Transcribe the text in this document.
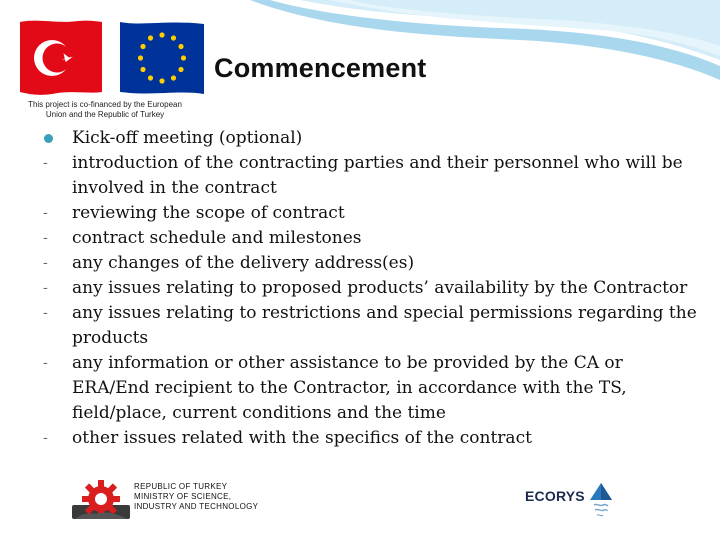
This project is co-financed by the European
Union and the Republic of Turkey
Commencement
Kick-off meeting (optional)
- introduction of the contracting parties and their personnel who will be involved in the contract
- reviewing the scope of contract
- contract schedule and milestones
- any changes of the delivery address(es)
- any issues relating to proposed products’ availability by the Contractor
- any issues relating to restrictions and special permissions regarding the products
- any information or other assistance to be provided by the CA or ERA/End recipient to the Contractor, in accordance with the TS, field/place, current conditions and the time
- other issues related with the specifics of the contract
REPUBLIC OF TURKEY
MINISTRY OF SCIENCE,
INDUSTRY AND TECHNOLOGY
ECORYS
